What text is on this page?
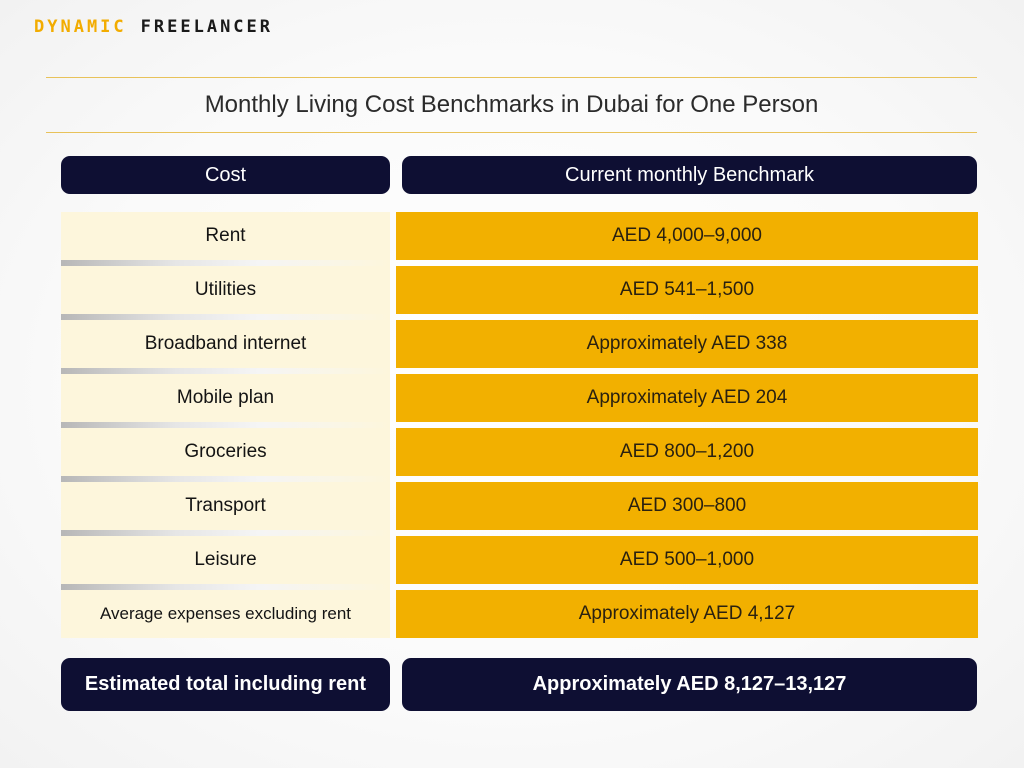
DYNAMIC FREELANCER
Monthly Living Cost Benchmarks in Dubai for One Person
Cost	Current monthly Benchmark
Rent	AED 4,000–9,000
Utilities	AED 541–1,500
Broadband internet	Approximately AED 338
Mobile plan	Approximately AED 204
Groceries	AED 800–1,200
Transport	AED 300–800
Leisure	AED 500–1,000
Average expenses excluding rent	Approximately AED 4,127
Estimated total including rent	Approximately AED 8,127–13,127
